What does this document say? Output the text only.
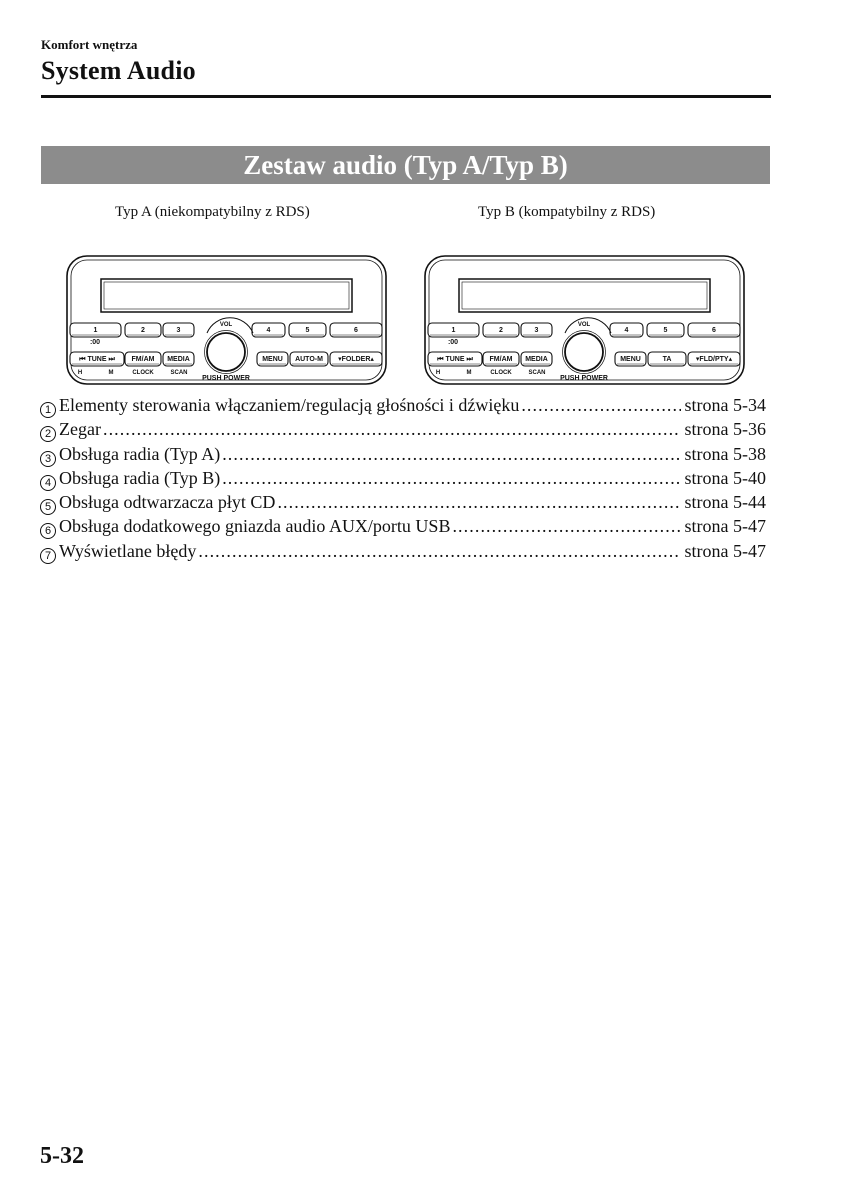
Komfort wnętrza
System Audio
Zestaw audio (Typ A/Typ B)
Typ A (niekompatybilny z RDS)	Typ B (kompatybilny z RDS)
1	2	3	4	5	6
:00
⏮ TUNE ⏭ FM/AM MEDIA	MENU AUTO-M ▾FOLDER▴
H	M	CLOCK	SCAN
VOL
PUSH POWER
1	2	3	4	5	6
:00
⏮ TUNE ⏭ FM/AM MEDIA	MENU	TA	▾FLD/PTY▴
H	M	CLOCK	SCAN
VOL
PUSH POWER
1 Elementy sterowania włączaniem/regulacją głośności i dźwięku .....	strona 5-34
2 Zegar .....	strona 5-36
3 Obsługa radia (Typ A) .....	strona 5-38
4 Obsługa radia (Typ B) .....	strona 5-40
5 Obsługa odtwarzacza płyt CD .....	strona 5-44
6 Obsługa dodatkowego gniazda audio AUX/portu USB .....	strona 5-47
7 Wyświetlane błędy .....	strona 5-47
5-32
